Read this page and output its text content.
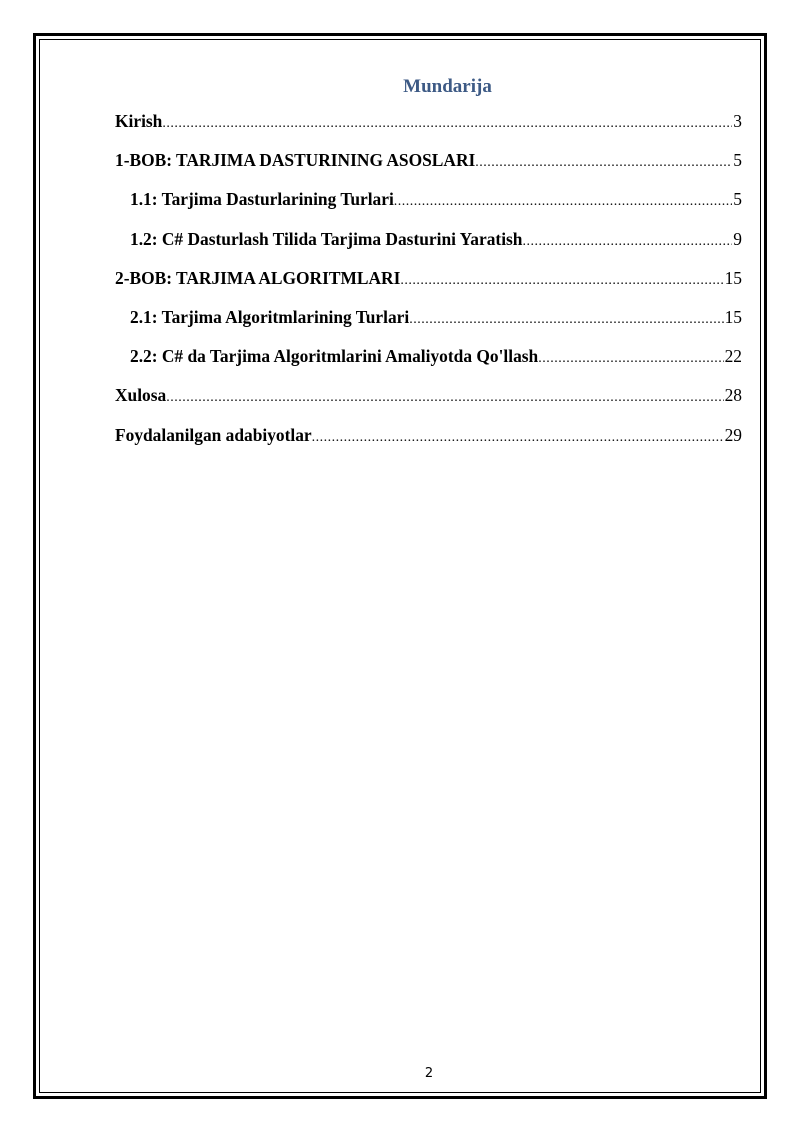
Mundarija
Kirish .....	3
1-BOB: TARJIMA DASTURINING ASOSLARI .....	5
1.1: Tarjima Dasturlarining Turlari .....	5
1.2: C# Dasturlash Tilida Tarjima Dasturini Yaratish .....	9
2-BOB: TARJIMA ALGORITMLARI .....	15
2.1: Tarjima Algoritmlarining Turlari .....	15
2.2: C# da Tarjima Algoritmlarini Amaliyotda Qo'llash .....	22
Xulosa .....	28
Foydalanilgan adabiyotlar .....	29
2
